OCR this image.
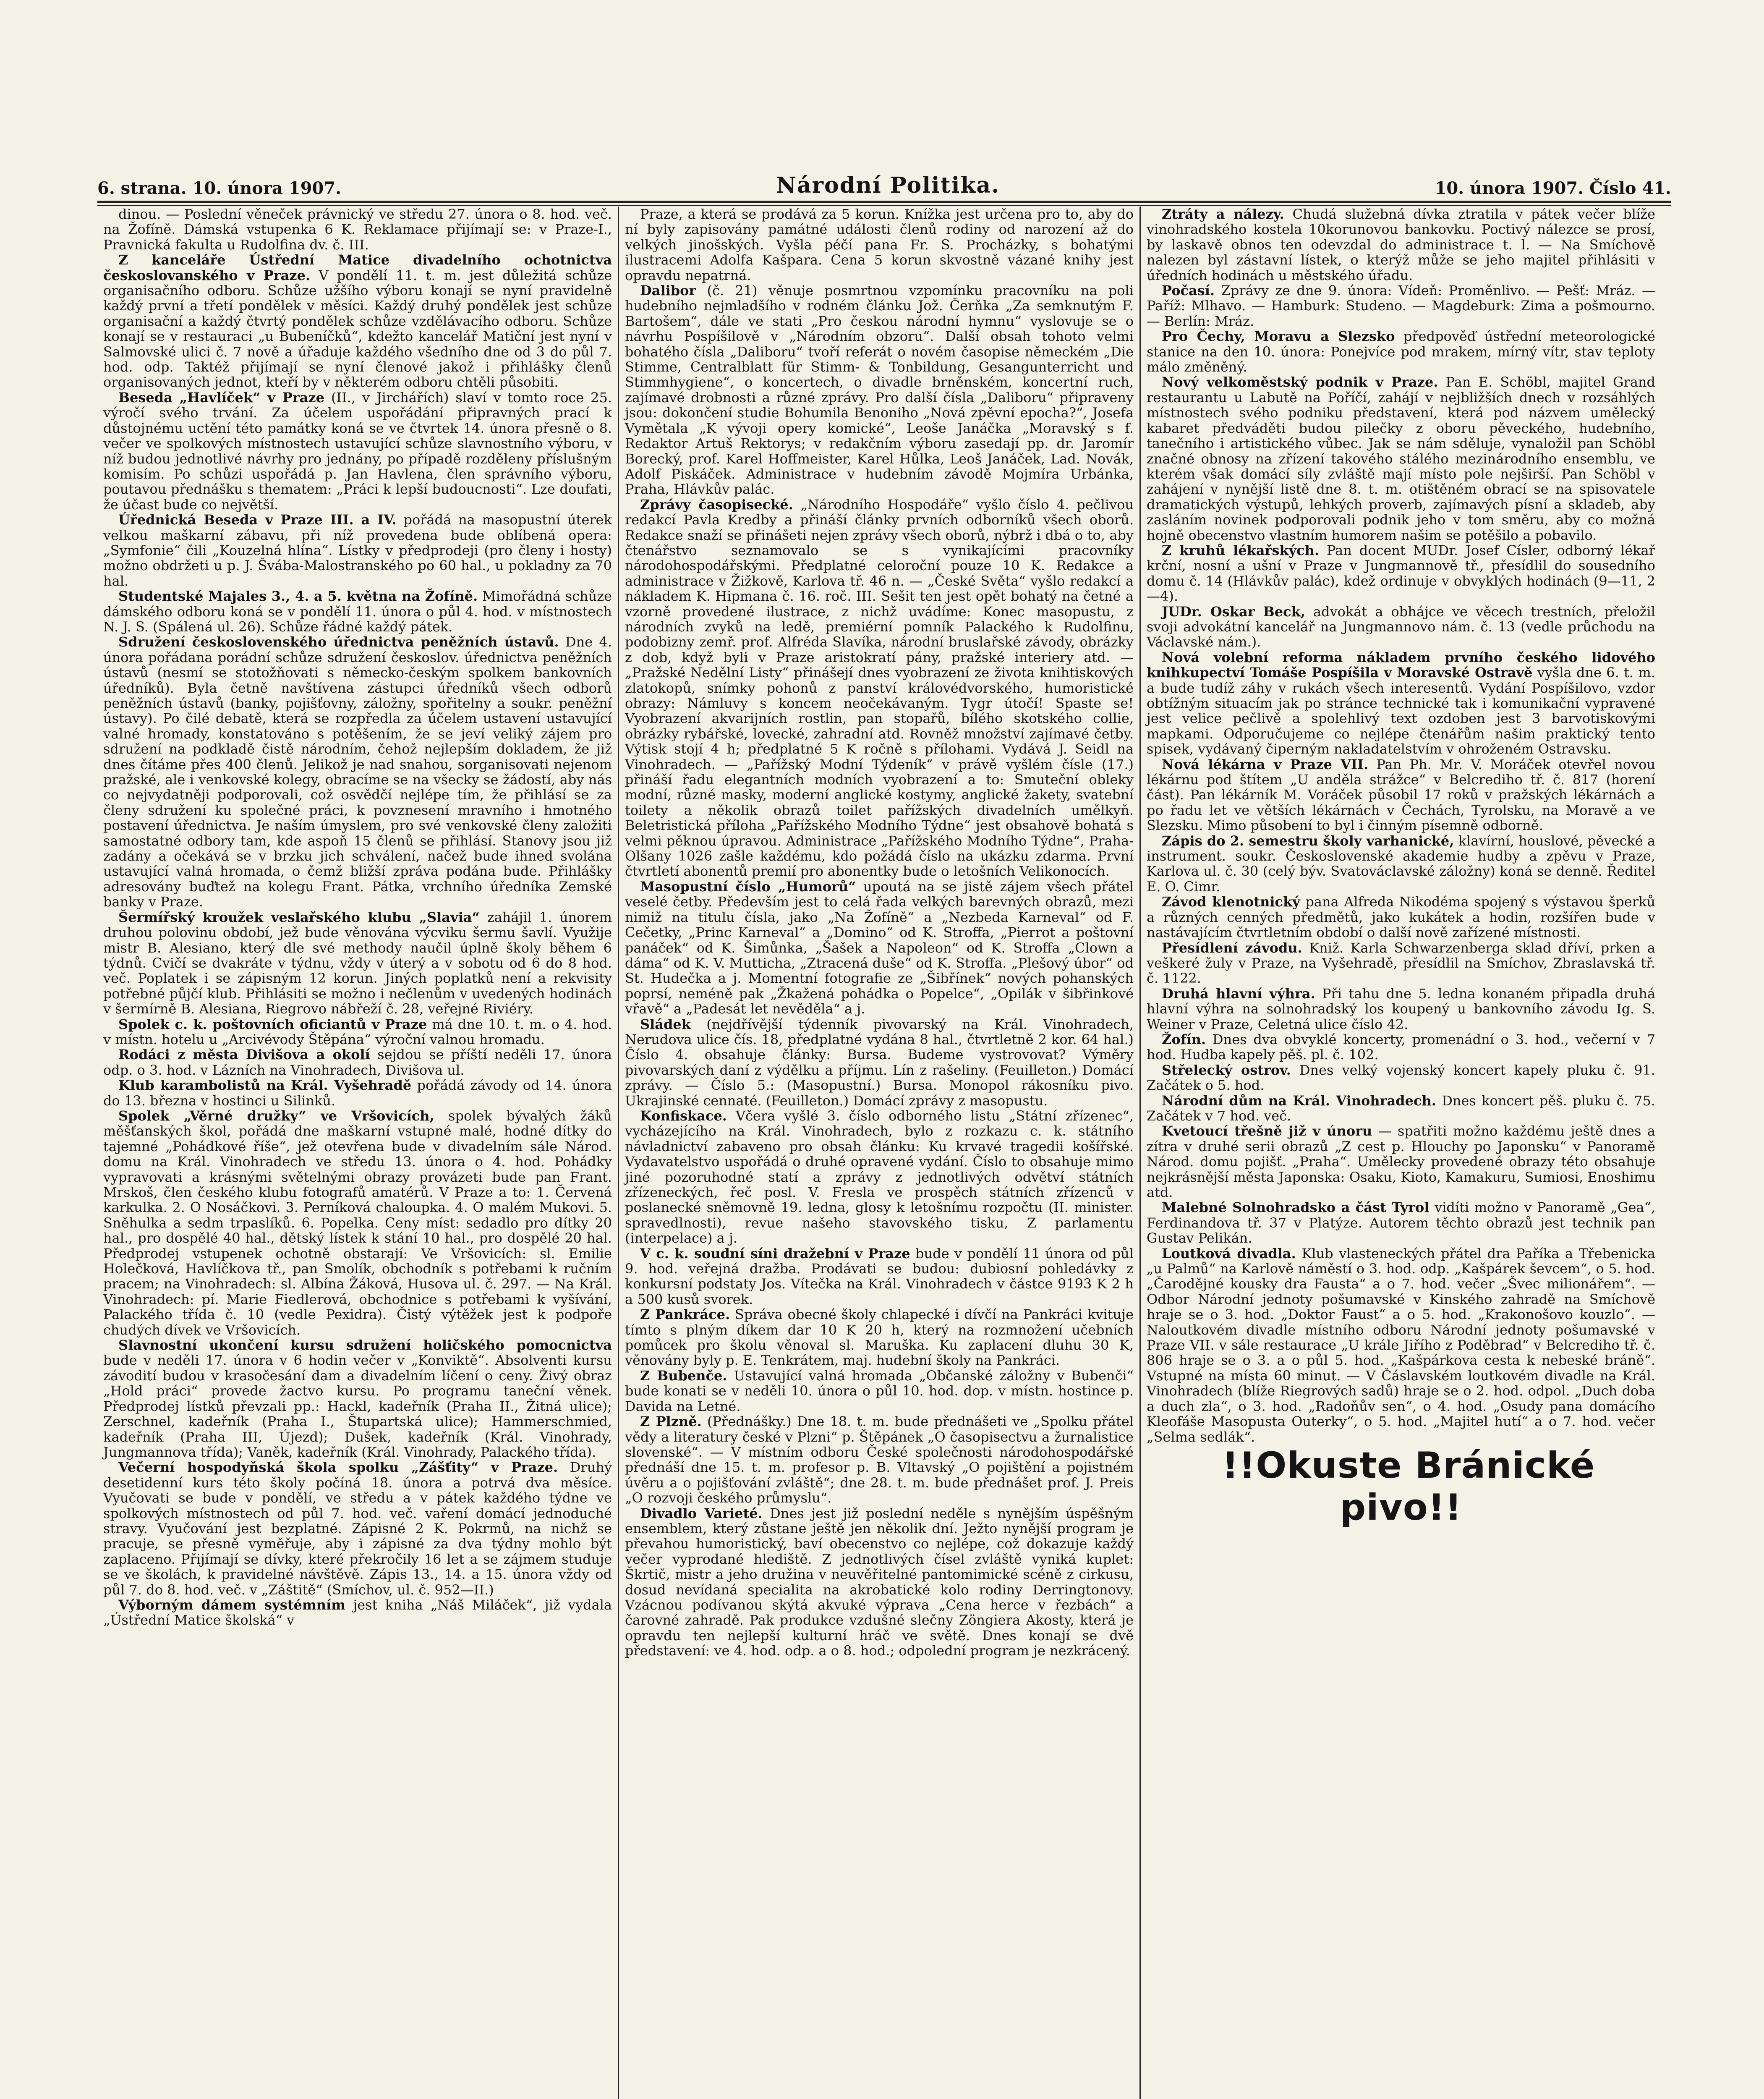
6. strana. 10. února 1907.	Národní Politika.	10. února 1907. Číslo 41.

dinou. — Poslední věneček právnický ve středu 27. února o 8. hod. več. na Žofíně. Dámská vstupenka 6 K. Reklamace přijímají se: v Praze-I., Pravnická fakulta u Rudolfina dv. č. III.

Z kanceláře Ústřední Matice divadelního ochotnictva českoslovanského v Praze. V pondělí 11. t. m. jest důležitá schůze organisačního odboru. Schůze užšího výboru konají se nyní pravidelně každý první a třetí pondělek v měsíci. Každý druhý pondělek jest schůze organisační a každý čtvrtý pondělek schůze vzdělávacího odboru. Schůze konají se v restauraci „u Bubeníčků“, kdežto kancelář Matiční jest nyní v Salmovské ulici č. 7 nově a úřaduje každého všedního dne od 3 do půl 7. hod. odp. Taktéž přijímají se nyní členové jakož i přihlášky členů organisovaných jednot, kteří by v některém odboru chtěli působiti.

Beseda „Havlíček“ v Praze (II., v Jirchářích) slaví v tomto roce 25. výročí svého trvání. Za účelem uspořádání připravných prací k důstojnému uctění této památky koná se ve čtvrtek 14. února přesně o 8. večer ve spolkových místnostech ustavující schůze slavnostního výboru, v níž budou jednotlivé návrhy pro jednány, po případě rozděleny příslušným komisím. Po schůzi uspořádá p. Jan Havlena, člen správního výboru, poutavou přednášku s thematem: „Práci k lepší budoucnosti“. Lze doufati, že účast bude co největší.

Úřednická Beseda v Praze III. a IV. pořádá na masopustní úterek velkou maškarní zábavu, při níž provedena bude oblíbená opera: „Symfonie“ čili „Kouzelná hlína“. Lístky v předprodeji (pro členy i hosty) možno obdržeti u p. J. Švába-Malostranského po 60 hal., u pokladny za 70 hal.

Studentské Majales 3., 4. a 5. května na Žofíně. Mimořádná schůze dámského odboru koná se v pondělí 11. února o půl 4. hod. v místnostech N. J. S. (Spálená ul. 26). Schůze řádné každý pátek.

Sdružení československého úřednictva peněžních ústavů. Dne 4. února pořádana porádní schůze sdružení českoslov. úřednictva peněžních ústavů (nesmí se stotožňovati s německo-českým spolkem bankovních úředníků). Byla četně navštívena zástupci úředníků všech odborů peněžních ústavů (banky, pojišťovny, záložny, spořitelny a soukr. peněžní ústavy). Po čilé debatě, která se rozpředla za účelem ustavení ustavující valné hromady, konstatováno s potěšením, že se jeví veliký zájem pro sdružení na podkladě čistě národním, čehož nejlepším dokladem, že již dnes čítáme přes 400 členů. Jelikož je nad snahou, sorganisovati nejenom pražské, ale i venkovské kolegy, obracíme se na všecky se žádostí, aby nás co nejvydatněji podporovali, což osvědčí nejlépe tím, že přihlásí se za členy sdružení ku společné práci, k povznesení mravního i hmotného postavení úřednictva. Je naším úmyslem, pro své venkovské členy založiti samostatné odbory tam, kde aspoň 15 členů se přihlásí. Stanovy jsou již zadány a očekává se v brzku jich schválení, načež bude ihned svolána ustavující valná hromada, o čemž bližší zpráva podána bude. Přihlášky adresovány buďtež na kolegu Frant. Pátka, vrchního úředníka Zemské banky v Praze.

Šermířský kroužek veslařského klubu „Slavia“ zahájil 1. únorem druhou polovinu období, jež bude věnována výcviku šermu šavlí. Využije mistr B. Alesiano, který dle své methody naučil úplně školy během 6 týdnů. Cvičí se dvakráte v týdnu, vždy v úterý a v sobotu od 6 do 8 hod. več. Poplatek i se zápisným 12 korun. Jiných poplatků není a rekvisity potřebné půjčí klub. Přihlásiti se možno i nečlenům v uvedených hodinách v šermírně B. Alesiana, Riegrovo nábřeží č. 28, veřejné Riviéry.

Spolek c. k. poštovních oficiantů v Praze má dne 10. t. m. o 4. hod. v místn. hotelu u „Arcivévody Štěpána“ výroční valnou hromadu.

Rodáci z města Divišova a okolí sejdou se příští neděli 17. února odp. o 3. hod. v Lázních na Vinohradech, Divišova ul.

Klub karambolistů na Král. Vyšehradě pořádá závody od 14. února do 13. března v hostinci u Silinků.

Spolek „Věrné družky“ ve Vršovicích, spolek bývalých žáků měšťanských škol, pořádá dne maškarní vstupné malé, hodné dítky do tajemné „Pohádkové říše“, jež otevřena bude v divadelním sále Národ. domu na Král. Vinohradech ve středu 13. února o 4. hod. Pohádky vypravovati a krásnými světelnými obrazy provázeti bude pan Frant. Mrskoš, člen českého klubu fotografů amatérů. V Praze a to: 1. Červená karkulka. 2. O Nosáčkovi. 3. Perníková chaloupka. 4. O malém Mukovi. 5. Sněhulka a sedm trpaslíků. 6. Popelka. Ceny míst: sedadlo pro dítky 20 hal., pro dospělé 40 hal., dětský lístek k stání 10 hal., pro dospělé 20 hal. Předprodej vstupenek ochotně obstarají: Ve Vršovicích: sl. Emilie Holečková, Havlíčkova tř., pan Smolík, obchodník s potřebami k ručním pracem; na Vinohradech: sl. Albína Žáková, Husova ul. č. 297. — Na Král. Vinohradech: pí. Marie Fiedlerová, obchodnice s potřebami k vyšívání, Palackého třída č. 10 (vedle Pexidra). Čistý výtěžek jest k podpoře chudých dívek ve Vršovicích.

Slavnostní ukončení kursu sdružení holičského pomocnictva bude v neděli 17. února v 6 hodin večer v „Konviktě“. Absolventi kursu závodití budou v krasočesání dam a divadelním líčení o ceny. Živý obraz „Hold práci“ provede žactvo kursu. Po programu taneční věnek. Předprodej lístků převzali pp.: Hackl, kadeřník (Praha II., Žitná ulice); Zerschnel, kadeřník (Praha I., Štupartská ulice); Hammerschmied, kadeřník (Praha III, Újezd); Dušek, kadeřník (Král. Vinohrady, Jungmannova třída); Vaněk, kadeřník (Král. Vinohrady, Palackého třída).

Večerní hospodyňská škola spolku „Zášťity“ v Praze. Druhý desetidenní kurs této školy počíná 18. února a potrvá dva měsíce. Vyučovati se bude v pondělí, ve středu a v pátek každého týdne ve spolkových místnostech od půl 7. hod. več. vaření domácí jednoduché stravy. Vyučování jest bezplatné. Zápisné 2 K. Pokrmů, na nichž se pracuje, se přesně vyměřuje, aby i zápisné za dva týdny mohlo být zaplaceno. Přijímají se dívky, které překročily 16 let a se zájmem studuje se ve školách, k pravidelné návštěvě. Zápis 13., 14. a 15. února vždy od půl 7. do 8. hod. več. v „Záštitě“ (Smíchov, ul. č. 952—II.)

Výborným dámem systémním jest kniha „Náš Miláček“, již vydala „Ústřední Matice školská“ v

Praze, a která se prodává za 5 korun. Knížka jest určena pro to, aby do ní byly zapisovány památné události členů rodiny od narození až do velkých jinošských. Vyšla péčí pana Fr. S. Procházky, s bohatými ilustracemi Adolfa Kašpara. Cena 5 korun skvostně vázané knihy jest opravdu nepatrná.

Dalibor (č. 21) věnuje posmrtnou vzpomínku pracovníku na poli hudebního nejmladšího v rodném článku Jož. Čerňka „Za semknutým F. Bartošem“, dále ve stati „Pro českou národní hymnu“ vyslovuje se o návrhu Pospíšilově v „Národním obzoru“. Další obsah tohoto velmi bohatého čísla „Daliboru“ tvoří referát o novém časopise německém „Die Stimme, Centralblatt für Stimm- & Tonbildung, Gesangunterricht und Stimmhygiene“, o koncertech, o divadle brněnském, koncertní ruch, zajímavé drobnosti a různé zprávy. Pro další čísla „Daliboru“ připraveny jsou: dokončení studie Bohumila Benoniho „Nová zpěvní epocha?“, Josefa Vymětala „K vývoji opery komické“, Leoše Janáčka „Moravský s f. Redaktor Artuš Rektorys; v redakčním výboru zasedají pp. dr. Jaromír Borecký, prof. Karel Hoffmeister, Karel Hůlka, Leoš Janáček, Lad. Novák, Adolf Piskáček. Administrace v hudebním závodě Mojmíra Urbánka, Praha, Hlávkův palác.

Zprávy časopisecké. „Národního Hospodáře“ vyšlo číslo 4. pečlivou redakcí Pavla Kredby a přináší články prvních odborníků všech oborů. Redakce snaží se přinášeti nejen zprávy všech oborů, nýbrž i dbá o to, aby čtenářstvo seznamovalo se s vynikajícími pracovníky národohospodářskými. Předplatné celoroční pouze 10 K. Redakce a administrace v Žižkově, Karlova tř. 46 n. — „České Světa“ vyšlo redakcí a nákladem K. Hipmana č. 16. roč. III. Sešit ten jest opět bohatý na četné a vzorně provedené ilustrace, z nichž uvádíme: Konec masopustu, z národních zvyků na ledě, premiérní pomník Palackého k Rudolfinu, podobizny zemř. prof. Alfréda Slavíka, národní bruslařské závody, obrázky z dob, když byli v Praze aristokratí pány, pražské interiery atd. — „Pražské Nedělní Listy“ přinášejí dnes vyobrazení ze života knihtiskových zlatokopů, snímky pohonů z panství královédvorského, humoristické obrazy: Námluvy s koncem neočekávaným. Tygr útočí! Spaste se! Vyobrazení akvarijních rostlin, pan stopařů, bílého skotského collie, obrázky rybářské, lovecké, zahradní atd. Rovněž množství zajímavé četby. Výtisk stojí 4 h; předplatné 5 K ročně s přílohami. Vydává J. Seidl na Vinohradech. — „Pařížský Modní Týdeník“ v právě vyšlém čísle (17.) přináší řadu elegantních modních vyobrazení a to: Smuteční obleky modní, různé masky, moderní anglické kostymy, anglické žakety, svatební toilety a několik obrazů toilet pařížských divadelních umělkyň. Beletristická příloha „Pařížského Modního Týdne“ jest obsahově bohatá s velmi pěknou úpravou. Administrace „Pařížského Modního Týdne“, Praha-Olšany 1026 zašle každému, kdo požádá číslo na ukázku zdarma. První čtvrtletí abonentů premií pro abonentky bude o letošních Velikonocích.

Masopustní číslo „Humorů“ upoutá na se jistě zájem všech přátel veselé četby. Především jest to celá řada velkých barevných obrazů, mezi nimiž na titulu čísla, jako „Na Žofíně“ a „Nezbeda Karneval“ od F. Cečetky, „Princ Karneval“ a „Domino“ od K. Stroffa, „Pierrot a poštovní panáček“ od K. Šimůnka, „Šašek a Napoleon“ od K. Stroffa „Clown a dáma“ od K. V. Mutticha, „Ztracená duše“ od K. Stroffa. „Plešový úbor“ od St. Hudečka a j. Momentní fotografie ze „Šibřínek“ nových pohanských poprsí, neméně pak „Žkažená pohádka o Popelce“, „Opilák v šibřinkové vřavě“ a „Padesát let nevěděla“ a j.

Sládek (nejdřívější týdenník pivovarský na Král. Vinohradech, Nerudova ulice čís. 18, předplatné vydána 8 hal., čtvrtletně 2 kor. 64 hal.) Číslo 4. obsahuje články: Bursa. Budeme vystrovovat? Výměry pivovarských daní z výdělku a příjmu. Lín z rašeliny. (Feuilleton.) Domácí zprávy. — Číslo 5.: (Masopustní.) Bursa. Monopol rákosníku pivo. Ukrajinské cennaté. (Feuilleton.) Domácí zprávy z masopustu.

Konfiskace. Včera vyšlé 3. číslo odborného listu „Státní zřízenec“, vycházejícího na Král. Vinohradech, bylo z rozkazu c. k. státního návladnictví zabaveno pro obsah článku: Ku krvavé tragedii košířské. Vydavatelstvo uspořádá o druhé opravené vydání. Číslo to obsahuje mimo jiné pozoruhodné statí a zprávy z jednotlivých odvětví státních zřízeneckých, řeč posl. V. Fresla ve prospěch státních zřízenců v poslanecké sněmovně 19. ledna, glosy k letošnímu rozpočtu (II. minister. spravedlnosti), revue našeho stavovského tisku, Z parlamentu (interpelace) a j.

V c. k. soudní síni dražební v Praze bude v pondělí 11 února od půl 9. hod. veřejná dražba. Prodávati se budou: dubiosní pohledávky z konkursní podstaty Jos. Vítečka na Král. Vinohradech v částce 9193 K 2 h a 500 kusů svorek.

Z Pankráce. Správa obecné školy chlapecké i dívčí na Pankráci kvituje tímto s plným díkem dar 10 K 20 h, který na rozmnožení učebních pomůcek pro školu věnoval sl. Maruška. Ku zaplacení dluhu 30 K, věnovány byly p. E. Tenkrátem, maj. hudební školy na Pankráci.

Z Bubenče. Ustavující valná hromada „Občanské záložny v Bubenči“ bude konati se v neděli 10. února o půl 10. hod. dop. v místn. hostince p. Davida na Letné.

Z Plzně. (Přednášky.) Dne 18. t. m. bude přednášeti ve „Spolku přátel vědy a literatury české v Plzni“ p. Štěpánek „O časopisectvu a žurnalistice slovenské“. — V místním odboru České společnosti národohospodářské přednáší dne 15. t. m. profesor p. B. Vltavský „O pojištění a pojistném úvěru a o pojišťování zvláště“; dne 28. t. m. bude přednášet prof. J. Preis „O rozvoji českého průmyslu“.

Divadlo Varieté. Dnes jest již poslední neděle s nynějším úspěšným ensemblem, který zůstane ještě jen několik dní. Ježto nynější program je převahou humoristický, baví obecenstvo co nejlépe, což dokazuje každý večer vyprodané hlediště. Z jednotlivých čísel zvláště vyniká kuplet: Škrtič, mistr a jeho družina v neuvěřitelné pantomimické scéně z cirkusu, dosud nevídaná specialita na akrobatické kolo rodiny Derringtonovy. Vzácnou podívanou skýtá akvuké výprava „Cena herce v řezbách“ a čarovné zahradě. Pak produkce vzdušné slečny Zöngiera Akosty, která je opravdu ten nejlepší kulturní hráč ve světě. Dnes konají se dvě představení: ve 4. hod. odp. a o 8. hod.; odpolední program je nezkrácený.

Ztráty a nálezy. Chudá služebná dívka ztratila v pátek večer blíže vinohradského kostela 10korunovou bankovku. Poctivý nálezce se prosí, by laskavě obnos ten odevzdal do administrace t. l. — Na Smíchově nalezen byl zástavní lístek, o kterýž může se jeho majitel přihlásiti v úředních hodinách u městského úřadu.

Počasí. Zprávy ze dne 9. února: Vídeň: Proměnlivo. — Pešť: Mráz. — Paříž: Mlhavo. — Hamburk: Studeno. — Magdeburk: Zima a pošmourno. — Berlín: Mráz.

Pro Čechy, Moravu a Slezsko předpověď ústřední meteorologické stanice na den 10. února: Ponejvíce pod mrakem, mírný vítr, stav teploty málo změněný.

Nový velkoměstský podnik v Praze. Pan E. Schöbl, majitel Grand restaurantu u Labutě na Poříčí, zahájí v nejbližších dnech v rozsáhlých místnostech svého podniku představení, která pod názvem umělecký kabaret předváděti budou pilečky z oboru pěveckého, hudebního, tanečního i artistického vůbec. Jak se nám sděluje, vynaložil pan Schöbl značné obnosy na zřízení takového stálého mezinárodního ensemblu, ve kterém však domácí síly zvláště mají místo pole nejširší. Pan Schöbl v zahájení v nynější listě dne 8. t. m. otištěném obrací se na spisovatele dramatických výstupů, lehkých proverb, zajímavých písní a skladeb, aby zasláním novinek podporovali podnik jeho v tom směru, aby co možná hojně obecenstvo vlastním humorem našim se potěšilo a pobavilo.

Z kruhů lékařských. Pan docent MUDr. Josef Císler, odborný lékař krční, nosní a ušní v Praze v Jungmannově tř., přesídlil do sousedního domu č. 14 (Hlávkův palác), kdež ordinuje v obvyklých hodinách (9—11, 2—4).

JUDr. Oskar Beck, advokát a obhájce ve věcech trestních, přeložil svoji advokátní kancelář na Jungmannovo nám. č. 13 (vedle průchodu na Václavské nám.).

Nová volební reforma nákladem prvního českého lidového knihkupectví Tomáše Pospíšila v Moravské Ostravě vyšla dne 6. t. m. a bude tudíž záhy v rukách všech interesentů. Vydání Pospíšilovo, vzdor obtížným situacím jak po stránce technické tak i komunikační vypravené jest velice pečlivě a spolehlivý text ozdoben jest 3 barvotiskovými mapkami. Odporučujeme co nejlépe čtenářům našim praktický tento spisek, vydávaný čiperným nakladatelstvím v ohroženém Ostravsku.

Nová lékárna v Praze VII. Pan Ph. Mr. V. Moráček otevřel novou lékárnu pod štítem „U anděla strážce“ v Belcrediho tř. č. 817 (horení část). Pan lékárník M. Voráček působil 17 roků v pražských lékárnách a po řadu let ve větších lékárnách v Čechách, Tyrolsku, na Moravě a ve Slezsku. Mimo působení to byl i činným písemně odborně.

Zápis do 2. semestru školy varhanické, klavírní, houslové, pěvecké a instrument. soukr. Československé akademie hudby a zpěvu v Praze, Karlova ul. č. 30 (celý býv. Svatováclavské záložny) koná se denně. Ředitel E. O. Cimr.

Závod klenotnický pana Alfreda Nikodéma spojený s výstavou šperků a různých cenných předmětů, jako kukátek a hodin, rozšířen bude v nastávajícím čtvrtletním období o další nově zařízené místnosti.

Přesídlení závodu. Kniž. Karla Schwarzenberga sklad dříví, prken a veškeré žuly v Praze, na Vyšehradě, přesídlil na Smíchov, Zbraslavská tř. č. 1122.

Druhá hlavní výhra. Při tahu dne 5. ledna konaném připadla druhá hlavní výhra na solnohradský los koupený u bankovního závodu Ig. S. Weiner v Praze, Celetná ulice číslo 42.

Žofín. Dnes dva obvyklé koncerty, promenádní o 3. hod., večerní v 7 hod. Hudba kapely pěš. pl. č. 102.

Střelecký ostrov. Dnes velký vojenský koncert kapely pluku č. 91. Začátek o 5. hod.

Národní dům na Král. Vinohradech. Dnes koncert pěš. pluku č. 75. Začátek v 7 hod. več.

Kvetoucí třešně již v únoru — spatřiti možno každému ještě dnes a zítra v druhé serii obrazů „Z cest p. Hlouchy po Japonsku“ v Panoramě Národ. domu pojišť. „Praha“. Umělecky provedené obrazy této obsahuje nejkrásnější města Japonska: Osaku, Kioto, Kamakuru, Sumiosi, Enoshimu atd.

Malebné Solnohradsko a část Tyrol vidíti možno v Panoramě „Gea“, Ferdinandova tř. 37 v Platýze. Autorem těchto obrazů jest technik pan Gustav Pelikán.

Loutková divadla. Klub vlasteneckých přátel dra Paříka a Třebenicka „u Palmů“ na Karlově náměstí o 3. hod. odp. „Kašpárek ševcem“, o 5. hod. „Čarodějné kousky dra Fausta“ a o 7. hod. večer „Švec milionářem“. — Odbor Národní jednoty pošumavské v Kinského zahradě na Smíchově hraje se o 3. hod. „Doktor Faust“ a o 5. hod. „Krakonošovo kouzlo“. — Naloutkovém divadle místního odboru Národní jednoty pošumavské v Praze VII. v sále restaurace „U krále Jiřího z Poděbrad“ v Belcrediho tř. č. 806 hraje se o 3. a o půl 5. hod. „Kašpárkova cesta k nebeské bráně“. Vstupné na místa 60 minut. — V Čáslavském loutkovém divadle na Král. Vinohradech (blíže Riegrových sadů) hraje se o 2. hod. odpol. „Duch doba a duch zla“, o 3. hod. „Radoňův sen“, o 4. hod. „Osudy pana domácího Kleofáše Masopusta Outerky“, o 5. hod. „Majitel hutí“ a o 7. hod. večer „Selma sedlák“.

!!Okuste Bránické pivo!!
